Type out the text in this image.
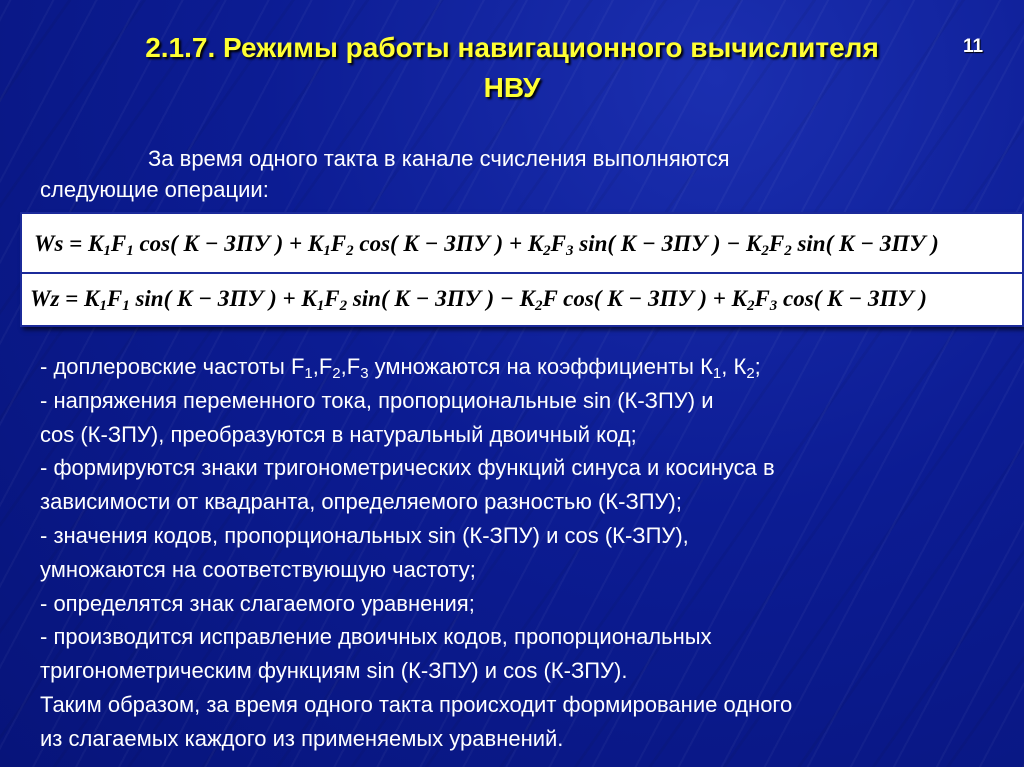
2.1.7. Режимы работы навигационного вычислителя
НВУ
11
За время одного такта в канале счисления выполняются
следующие операции:
$Ws = K_1F_1$ cos( K − ЗПУ ) + $K_1F_2$ cos( K − ЗПУ ) + $K_2F_3$ sin( K − ЗПУ ) − $K_2F_2$ sin( K − ЗПУ )
$Wz = K_1F_1$ sin( K − ЗПУ ) + $K_1F_2$ sin( K − ЗПУ ) − $K_2F$ cos( K − ЗПУ ) + $K_2F_3$ cos( K − ЗПУ )
- доплеровские частоты $F_1,F_2,F_3$ умножаются на коэффициенты $К_1$, $К_2$;
- напряжения переменного тока, пропорциональные sin (К-ЗПУ) и
cos (К-ЗПУ), преобразуются в натуральный двоичный код;
- формируются знаки тригонометрических функций синуса и косинуса в
зависимости от квадранта, определяемого разностью (К-ЗПУ);
- значения кодов, пропорциональных sin (К-ЗПУ) и cos (К-ЗПУ),
умножаются на соответствующую частоту;
- определятся знак слагаемого уравнения;
- производится исправление двоичных кодов, пропорциональных
тригонометрическим функциям sin (К-ЗПУ) и cos (К-ЗПУ).
Таким образом, за время одного такта происходит формирование одного
из слагаемых каждого из применяемых уравнений.
